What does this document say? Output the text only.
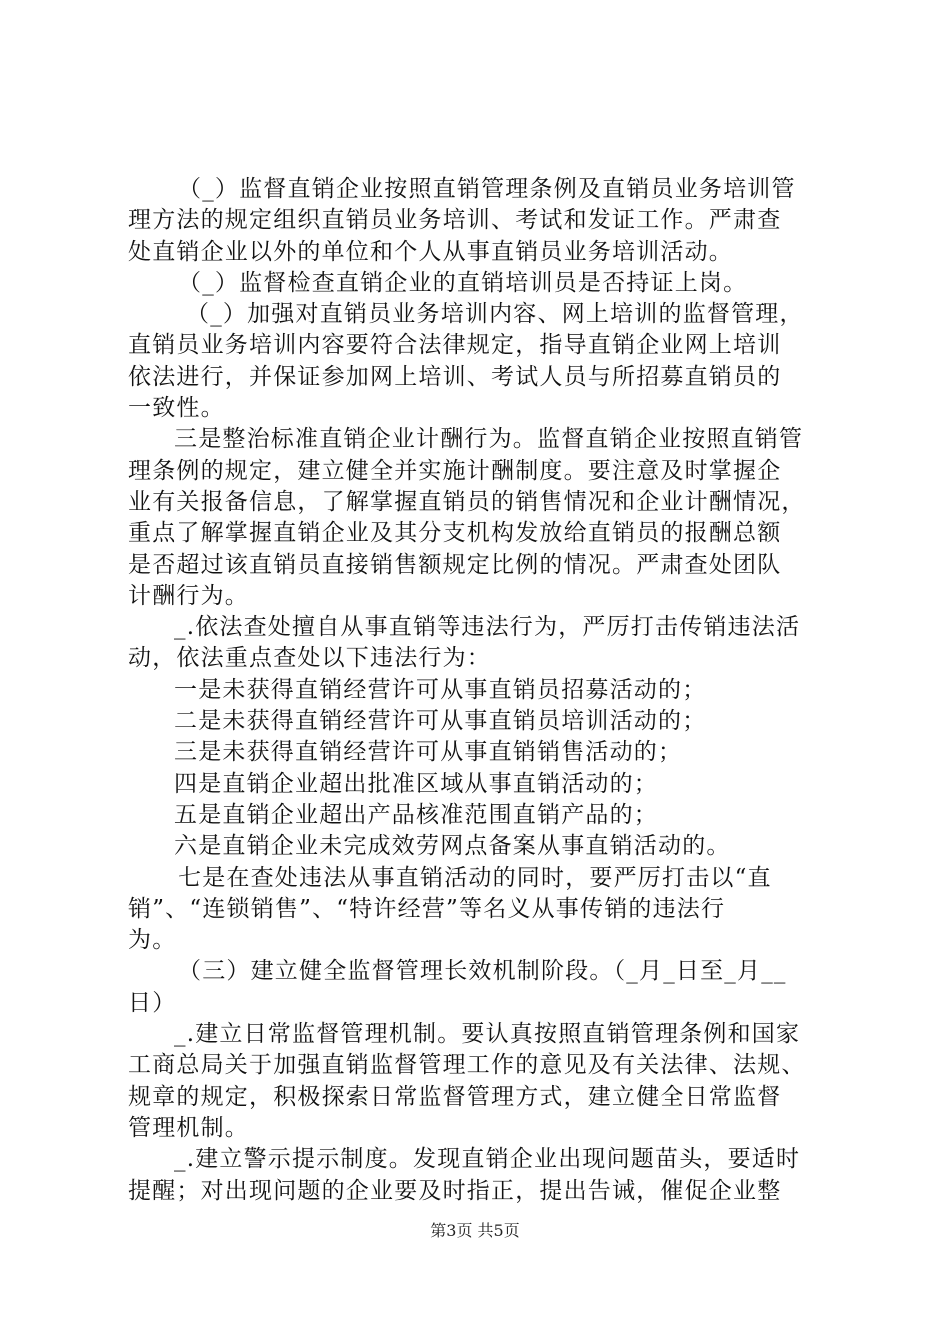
（_）监督直销企业按照直销管理条例及直销员业务培训管
理方法的规定组织直销员业务培训、考试和发证工作。严肃查
处直销企业以外的单位和个人从事直销员业务培训活动。
（_）监督检查直销企业的直销培训员是否持证上岗。
（_）加强对直销员业务培训内容、网上培训的监督管理，
直销员业务培训内容要符合法律规定，指导直销企业网上培训
依法进行，并保证参加网上培训、考试人员与所招募直销员的
一致性。
三是整治标准直销企业计酬行为。监督直销企业按照直销管
理条例的规定，建立健全并实施计酬制度。要注意及时掌握企
业有关报备信息，了解掌握直销员的销售情况和企业计酬情况，
重点了解掌握直销企业及其分支机构发放给直销员的报酬总额
是否超过该直销员直接销售额规定比例的情况。严肃查处团队
计酬行为。
_.依法查处擅自从事直销等违法行为，严厉打击传销违法活
动，依法重点查处以下违法行为：
一是未获得直销经营许可从事直销员招募活动的；
二是未获得直销经营许可从事直销员培训活动的；
三是未获得直销经营许可从事直销销售活动的；
四是直销企业超出批准区域从事直销活动的；
五是直销企业超出产品核准范围直销产品的；
六是直销企业未完成效劳网点备案从事直销活动的。
七是在查处违法从事直销活动的同时，要严厉打击以“直
销”、“连锁销售”、“特许经营”等名义从事传销的违法行
为。
（三）建立健全监督管理长效机制阶段。（_月_日至_月__
日）
_.建立日常监督管理机制。要认真按照直销管理条例和国家
工商总局关于加强直销监督管理工作的意见及有关法律、法规、
规章的规定，积极探索日常监督管理方式，建立健全日常监督
管理机制。
_.建立警示提示制度。发现直销企业出现问题苗头，要适时
提醒；对出现问题的企业要及时指正，提出告诫，催促企业整
第3页 共5页
